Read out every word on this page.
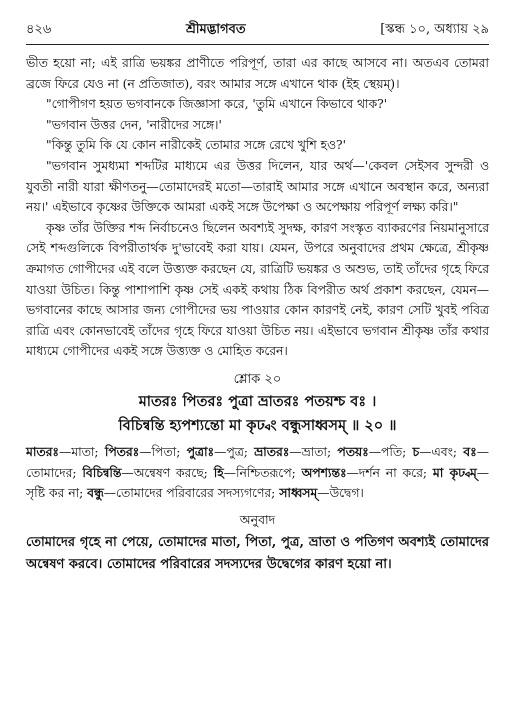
৪২৬	শ্রীমদ্ভাগবত	[স্কন্ধ ১০, অধ্যায় ২৯

ভীত হয়ো না; এই রাত্রি ভয়ঙ্কর প্রাণীতে পরিপূর্ণ, তারা এর কাছে আসবে না। অতএব তোমরা ব্রজে ফিরে যেও না (ন প্রতিজাত), বরং আমার সঙ্গে এখানে থাক (ইহ স্থেয়ম্)।

"গোপীগণ হয়ত ভগবানকে জিজ্ঞাসা করে, 'তুমি এখানে কিভাবে থাক?'

"ভগবান উত্তর দেন, 'নারীদের সঙ্গে।'

"কিন্তু তুমি কি যে কোন নারীকেই তোমার সঙ্গে রেখে খুশি হও?'

"ভগবান সুমধ্যমা শব্দটির মাধ্যমে এর উত্তর দিলেন, যার অর্থ—'কেবল সেইসব সুন্দরী ও যুবতী নারী যারা ক্ষীণতনু—তোমাদেরই মতো—তারাই আমার সঙ্গে এখানে অবস্থান করে, অন্যরা নয়।' এইভাবে কৃষ্ণের উক্তিকে আমরা একই সঙ্গে উপেক্ষা ও অপেক্ষায় পরিপূর্ণ লক্ষ্য করি।"

কৃষ্ণ তাঁর উক্তির শব্দ নির্বাচনেও ছিলেন অবশ্যই সুদক্ষ, কারণ সংস্কৃত ব্যাকরণের নিয়মানুসারে সেই শব্দগুলিকে বিপরীতার্থক দু'ভাবেই করা যায়। যেমন, উপরে অনুবাদের প্রথম ক্ষেত্রে, শ্রীকৃষ্ণ ক্রমাগত গোপীদের এই বলে উত্ত্যক্ত করছেন যে, রাত্রিটি ভয়ঙ্কর ও অশুভ, তাই তাঁদের গৃহে ফিরে যাওয়া উচিত। কিন্তু পাশাপাশি কৃষ্ণ সেই একই কথায় ঠিক বিপরীত অর্থ প্রকাশ করছেন, যেমন—ভগবানের কাছে আসার জন্য গোপীদের ভয় পাওয়ার কোন কারণই নেই, কারণ সেটি খুবই পবিত্র রাত্রি এবং কোনভাবেই তাঁদের গৃহে ফিরে যাওয়া উচিত নয়। এইভাবে ভগবান শ্রীকৃষ্ণ তাঁর কথার মাধ্যমে গোপীদের একই সঙ্গে উত্ত্যক্ত ও মোহিত করেন।

শ্লোক ২০
মাতরঃ পিতরঃ পুত্রা ভ্রাতরঃ পতয়শ্চ বঃ ।
বিচিন্বন্তি হ্যপশ্যন্তো মা কৃঢ্বং বন্ধুসাধ্বসম্ ॥ ২০ ॥
মাতরঃ—মাতা; পিতরঃ—পিতা; পুত্রাঃ—পুত্র; ভ্রাতরঃ—ভ্রাতা; পতয়ঃ—পতি; চ—এবং; বঃ—তোমাদের; বিচিন্বন্তি—অন্বেষণ করছে; হি—নিশ্চিতরূপে; অপশ্যন্তঃ—দর্শন না করে; মা কৃঢ্বম্—সৃষ্টি কর না; বন্ধু—তোমাদের পরিবারের সদস্যগণের; সাধ্বসম্—উদ্বেগ।
অনুবাদ
তোমাদের গৃহে না পেয়ে, তোমাদের মাতা, পিতা, পুত্র, ভ্রাতা ও পতিগণ অবশ্যই তোমাদের অন্বেষণ করবে। তোমাদের পরিবারের সদস্যদের উদ্বেগের কারণ হয়ো না।
